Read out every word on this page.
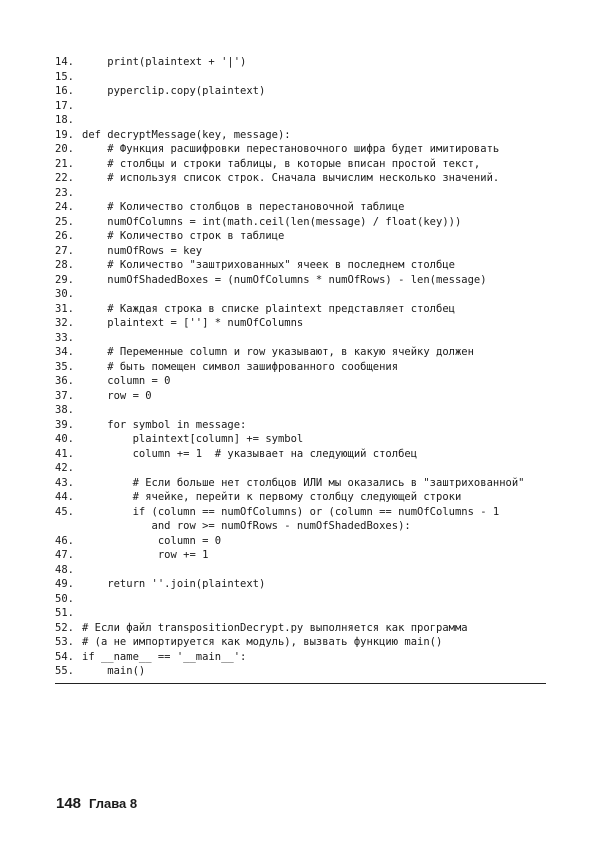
14. print(plaintext + '|')
15.
16. pyperclip.copy(plaintext)
17.
18.
19. def decryptMessage(key, message):
20. # Функция расшифровки перестановочного шифра будет имитировать
21. # столбцы и строки таблицы, в которые вписан простой текст,
22. # используя список строк. Сначала вычислим несколько значений.
23.
24. # Количество столбцов в перестановочной таблице
25. numOfColumns = int(math.ceil(len(message) / float(key)))
26. # Количество строк в таблице
27. numOfRows = key
28. # Количество "заштрихованных" ячеек в последнем столбце
29. numOfShadedBoxes = (numOfColumns * numOfRows) - len(message)
30.
31. # Каждая строка в списке plaintext представляет столбец
32. plaintext = [''] * numOfColumns
33.
34. # Переменные column и row указывают, в какую ячейку должен
35. # быть помещен символ зашифрованного сообщения
36. column = 0
37. row = 0
38.
39. for symbol in message:
40. plaintext[column] += symbol
41. column += 1  # указывает на следующий столбец
42.
43. # Если больше нет столбцов ИЛИ мы оказались в "заштрихованной"
44. # ячейке, перейти к первому столбцу следующей строки
45. if (column == numOfColumns) or (column == numOfColumns - 1
and row >= numOfRows - numOfShadedBoxes):
46. column = 0
47. row += 1
48.
49. return ''.join(plaintext)
50.
51.
52. # Если файл transpositionDecrypt.py выполняется как программа
53. # (а не импортируется как модуль), вызвать функцию main()
54. if __name__ == '__main__':
55. main()
148 Глава 8
